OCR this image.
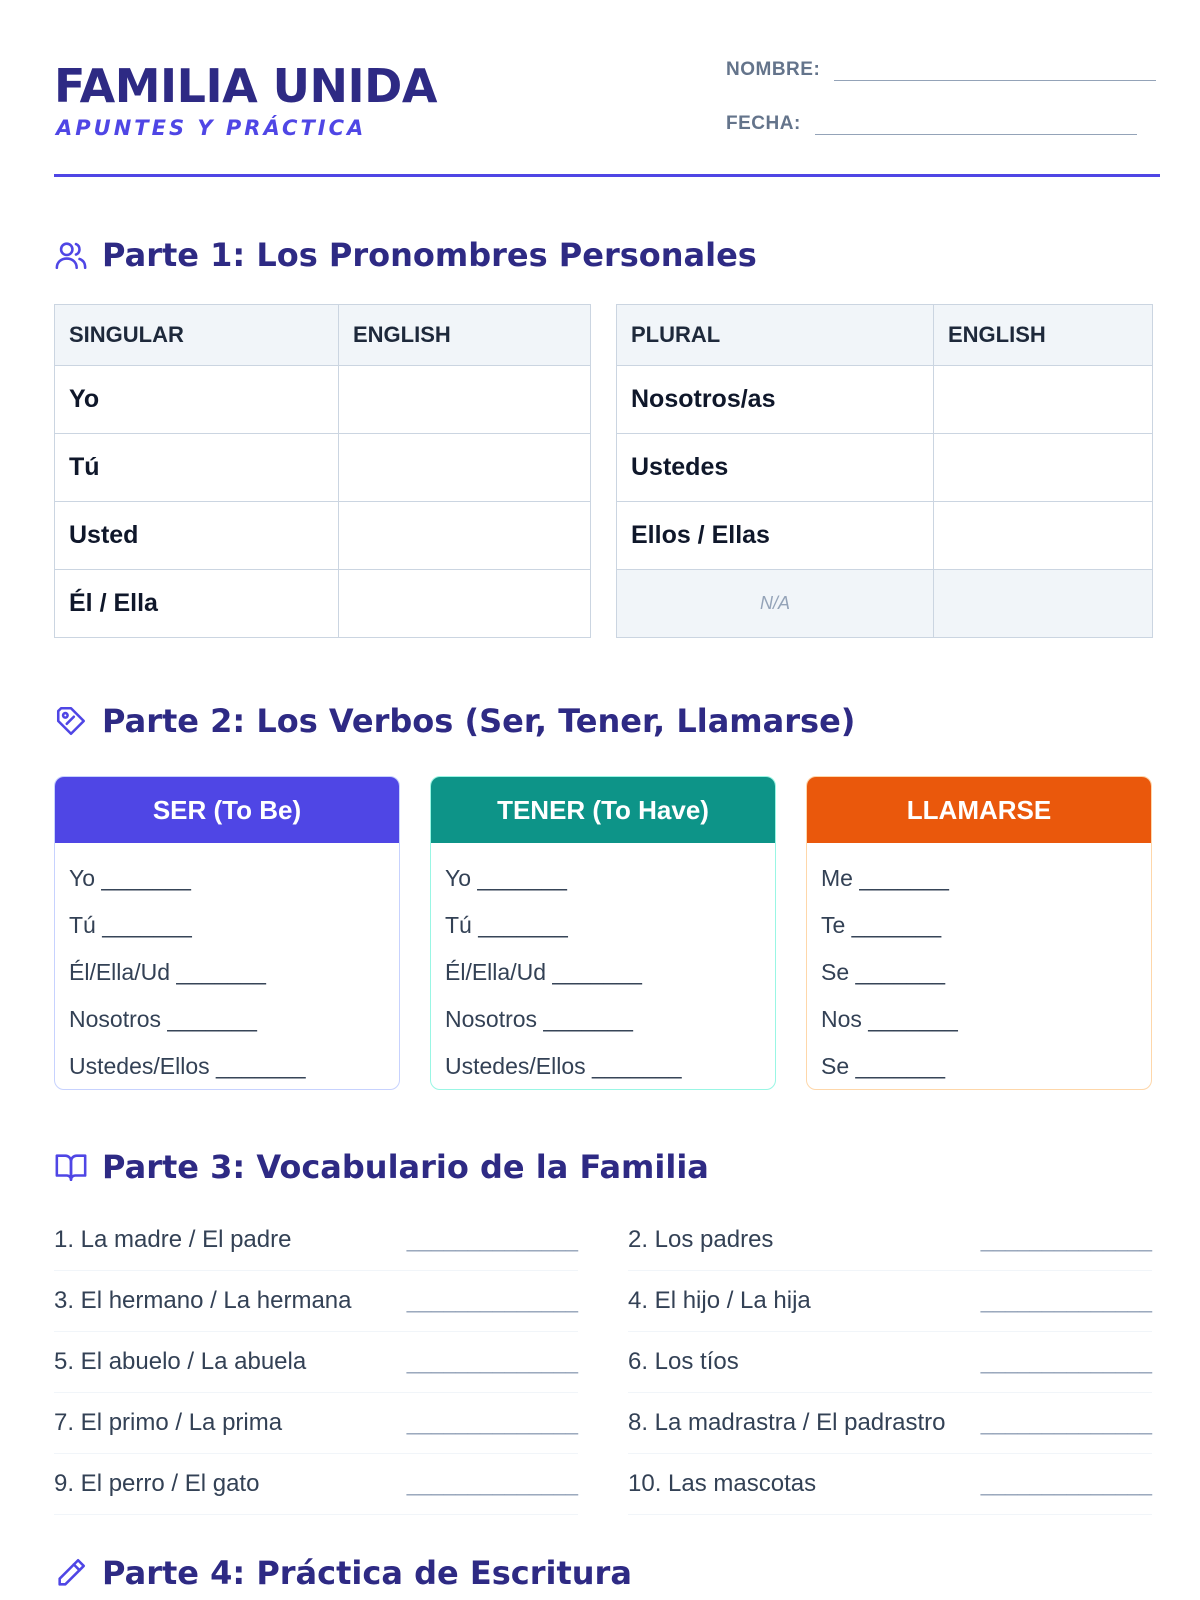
FAMILIA UNIDA
APUNTES Y PRÁCTICA
NOMBRE:
FECHA:
Parte 1: Los Pronombres Personales
SINGULAR	ENGLISH
Yo	
Tú	
Usted	
Él / Ella	
PLURAL	ENGLISH
Nosotros/as	
Ustedes	
Ellos / Ellas	
N/A	
Parte 2: Los Verbos (Ser, Tener, Llamarse)
SER (To Be)
Yo _______
Tú _______
Él/Ella/Ud _______
Nosotros _______
Ustedes/Ellos _______
TENER (To Have)
Yo _______
Tú _______
Él/Ella/Ud _______
Nosotros _______
Ustedes/Ellos _______
LLAMARSE
Me _______
Te _______
Se _______
Nos _______
Se _______
Parte 3: Vocabulario de la Familia
1. La madre / El padre	______________
3. El hermano / La hermana	______________
5. El abuelo / La abuela	______________
7. El primo / La prima	______________
9. El perro / El gato	______________
2. Los padres	______________
4. El hijo / La hija	______________
6. Los tíos	______________
8. La madrastra / El padrastro ______________
10. Las mascotas	______________
Parte 4: Práctica de Escritura
